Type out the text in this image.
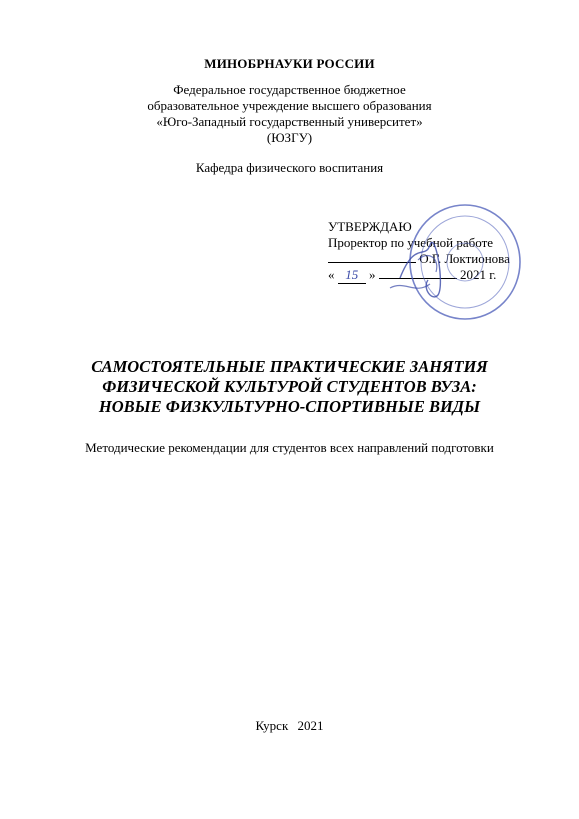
МИНОБРНАУКИ РОССИИ
Федеральное государственное бюджетное
образовательное учреждение высшего образования
«Юго-Западный государственный университет»
(ЮЗГУ)
Кафедра физического воспитания
УТВЕРЖДАЮ
Проректор по учебной работе
О.Г. Локтионова
« 15 »	2021 г.
САМОСТОЯТЕЛЬНЫЕ ПРАКТИЧЕСКИЕ ЗАНЯТИЯ
ФИЗИЧЕСКОЙ КУЛЬТУРОЙ СТУДЕНТОВ ВУЗА:
НОВЫЕ ФИЗКУЛЬТУРНО-СПОРТИВНЫЕ ВИДЫ
Методические рекомендации для студентов всех направлений подготовки
Курск 2021
